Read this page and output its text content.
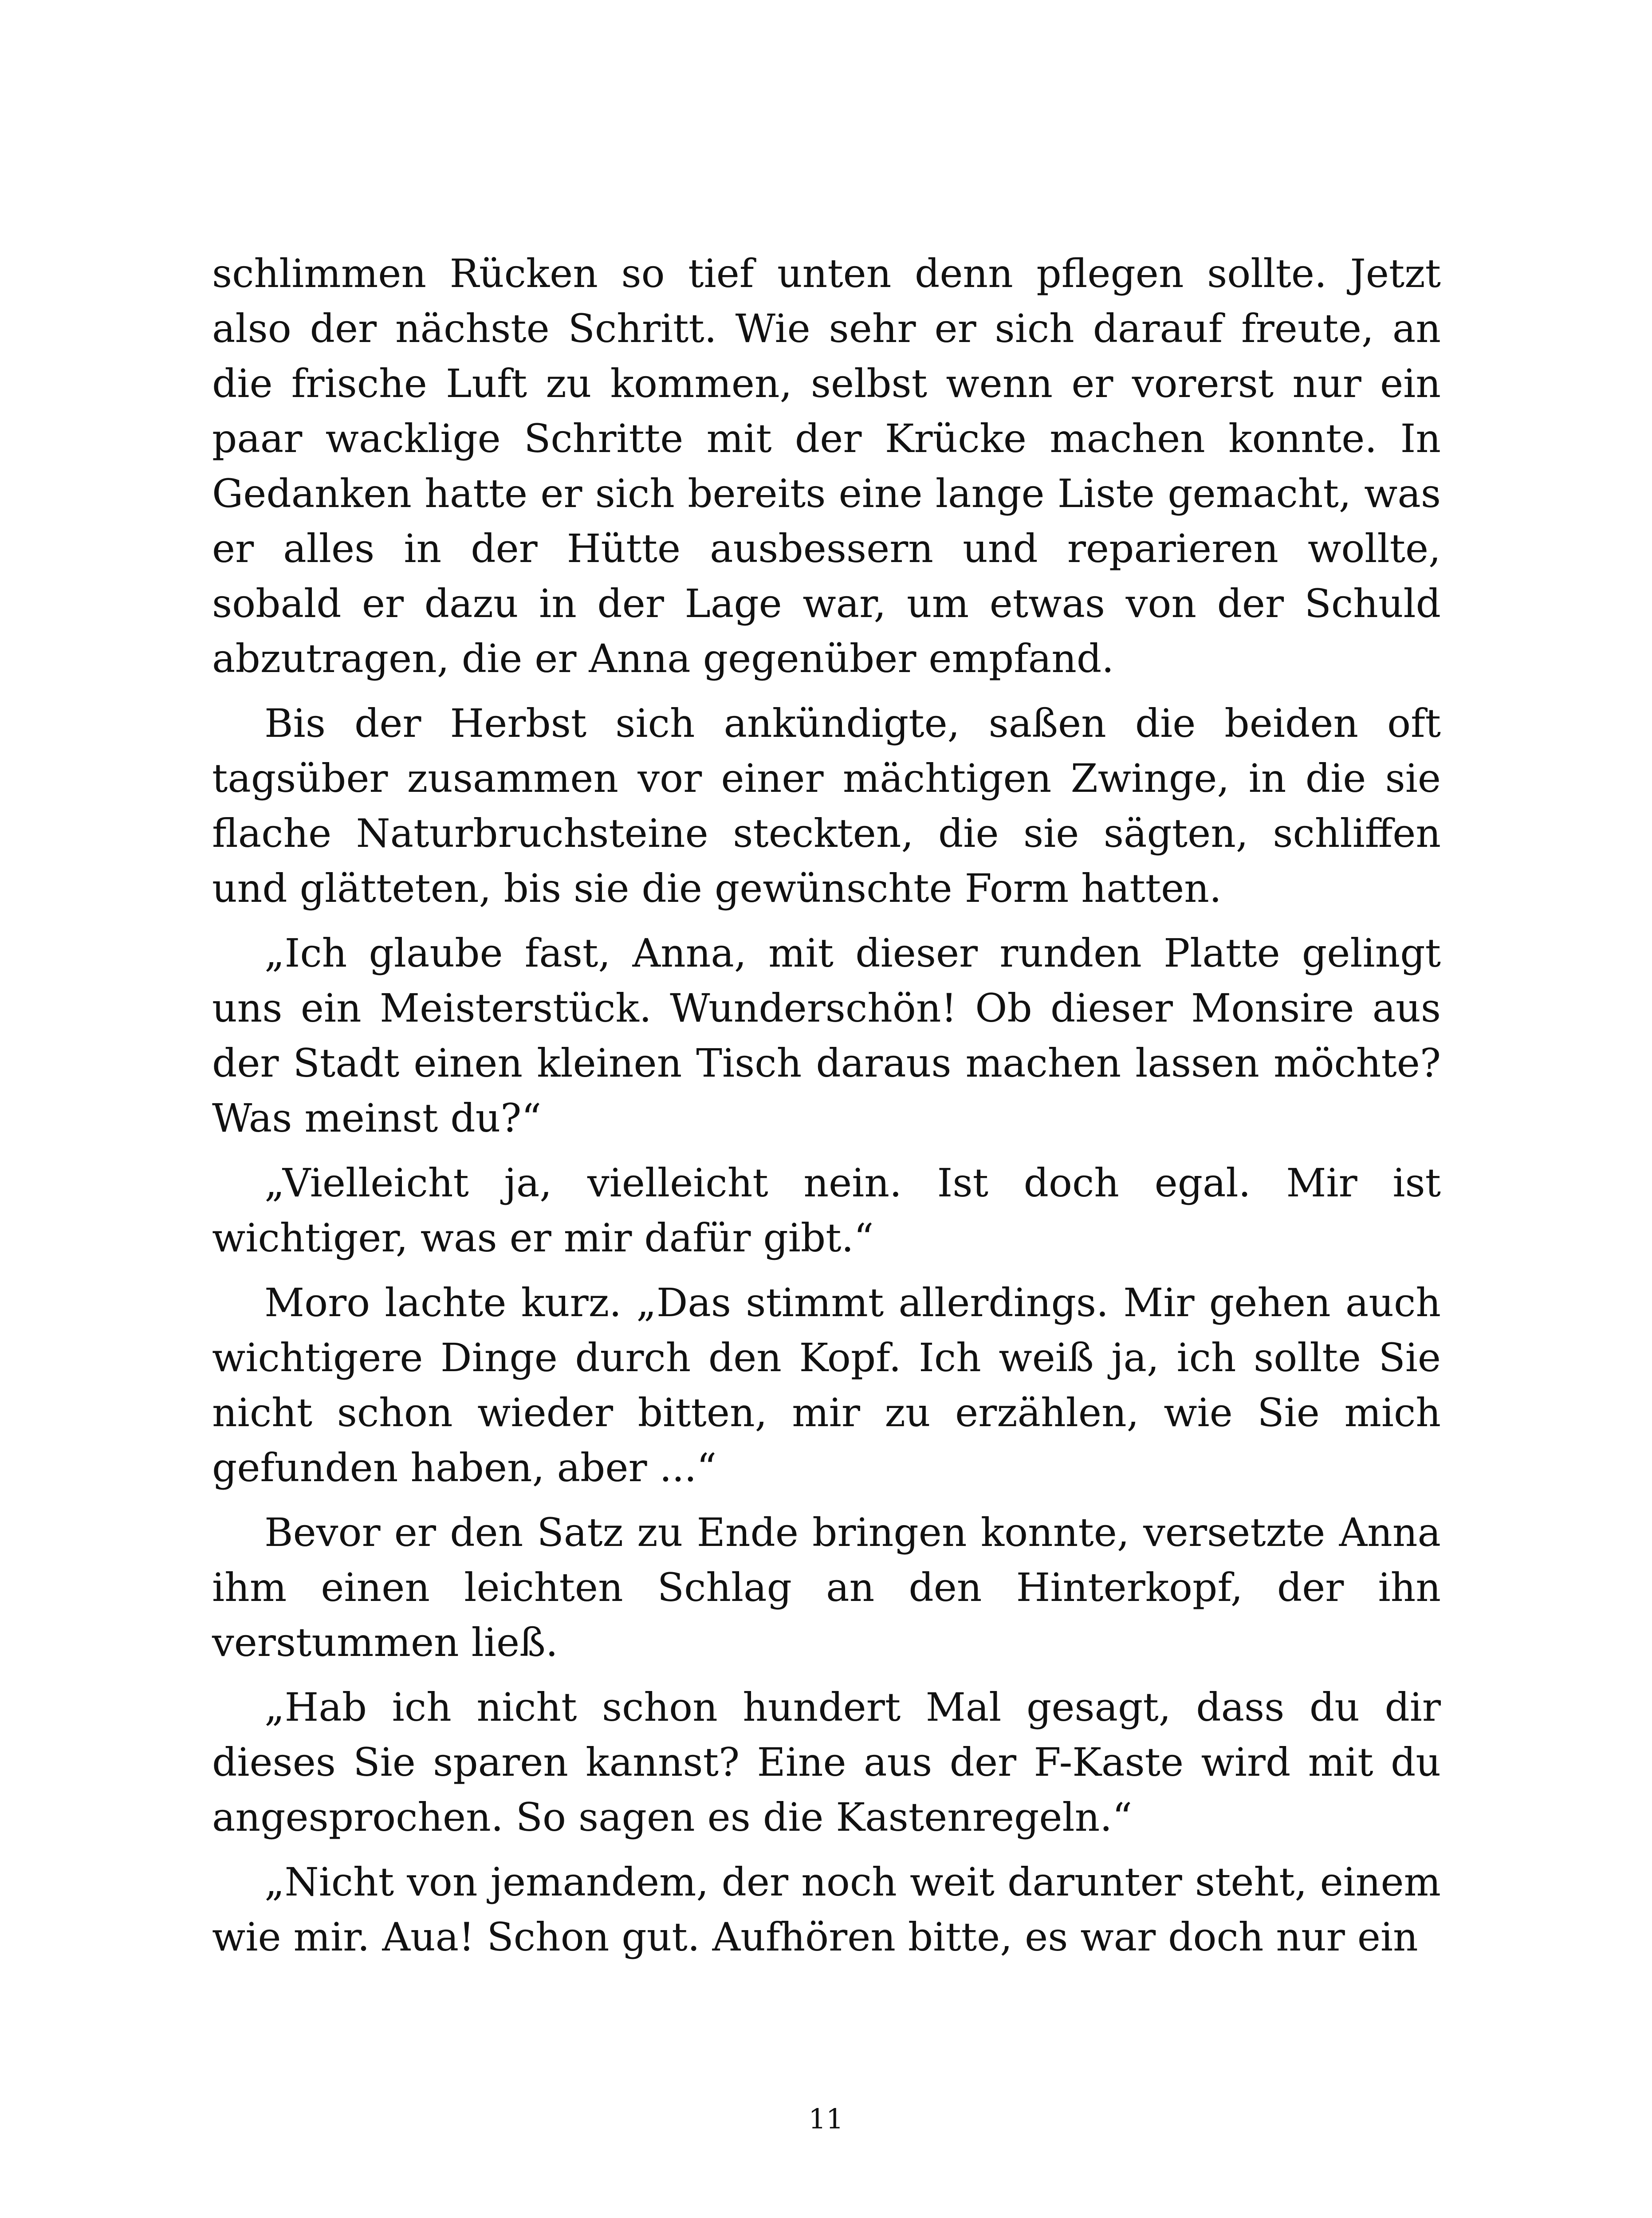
schlimmen Rücken so tief unten denn pflegen sollte. Jetzt also der nächste Schritt. Wie sehr er sich darauf freute, an die frische Luft zu kommen, selbst wenn er vorerst nur ein paar wacklige Schritte mit der Krücke machen konnte. In Gedanken hatte er sich bereits eine lange Liste gemacht, was er alles in der Hütte ausbessern und reparieren wollte, sobald er dazu in der Lage war, um etwas von der Schuld abzutragen, die er Anna gegenüber empfand.

Bis der Herbst sich ankündigte, saßen die beiden oft tagsüber zusammen vor einer mächtigen Zwinge, in die sie flache Naturbruchsteine steckten, die sie sägten, schliffen und glätteten, bis sie die gewünschte Form hatten.

„Ich glaube fast, Anna, mit dieser runden Platte gelingt uns ein Meisterstück. Wunderschön! Ob dieser Monsire aus der Stadt einen kleinen Tisch daraus machen lassen möchte? Was meinst du?“

„Vielleicht ja, vielleicht nein. Ist doch egal. Mir ist wichtiger, was er mir dafür gibt.“

Moro lachte kurz. „Das stimmt allerdings. Mir gehen auch wichtigere Dinge durch den Kopf. Ich weiß ja, ich sollte Sie nicht schon wieder bitten, mir zu erzählen, wie Sie mich gefunden haben, aber ...“

Bevor er den Satz zu Ende bringen konnte, versetzte Anna ihm einen leichten Schlag an den Hinterkopf, der ihn verstummen ließ.

„Hab ich nicht schon hundert Mal gesagt, dass du dir dieses Sie sparen kannst? Eine aus der F-Kaste wird mit du angesprochen. So sagen es die Kastenregeln.“

„Nicht von jemandem, der noch weit darunter steht, einem wie mir. Aua! Schon gut. Aufhören bitte, es war doch nur ein

11
